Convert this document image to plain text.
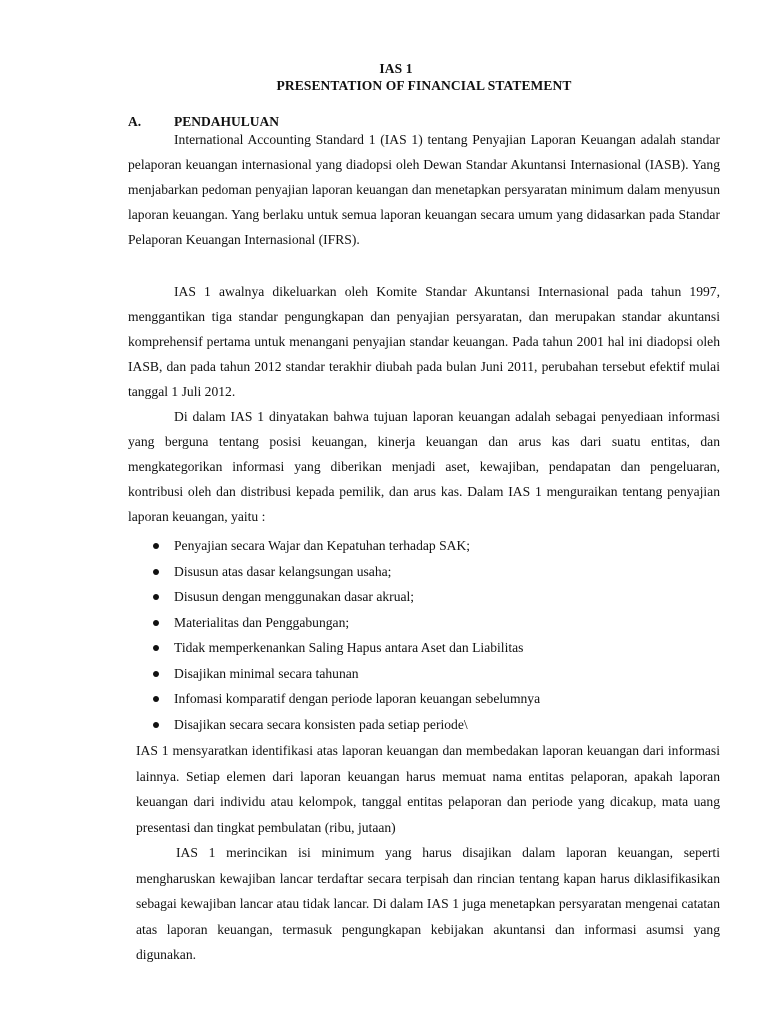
IAS 1
PRESENTATION OF FINANCIAL STATEMENT
A. PENDAHULUAN

International Accounting Standard 1 (IAS 1) tentang Penyajian Laporan Keuangan adalah standar pelaporan keuangan internasional yang diadopsi oleh Dewan Standar Akuntansi Internasional (IASB). Yang menjabarkan pedoman penyajian laporan keuangan dan menetapkan persyaratan minimum dalam menyusun laporan keuangan. Yang berlaku untuk semua laporan keuangan secara umum yang didasarkan pada Standar Pelaporan Keuangan Internasional (IFRS).

IAS 1 awalnya dikeluarkan oleh Komite Standar Akuntansi Internasional pada tahun 1997, menggantikan tiga standar pengungkapan dan penyajian persyaratan, dan merupakan standar akuntansi komprehensif pertama untuk menangani penyajian standar keuangan. Pada tahun 2001 hal ini diadopsi oleh IASB, dan pada tahun 2012 standar terakhir diubah pada bulan Juni 2011, perubahan tersebut efektif mulai tanggal 1 Juli 2012.

Di dalam IAS 1 dinyatakan bahwa tujuan laporan keuangan adalah sebagai penyediaan informasi yang berguna tentang posisi keuangan, kinerja keuangan dan arus kas dari suatu entitas, dan mengkategorikan informasi yang diberikan menjadi aset, kewajiban, pendapatan dan pengeluaran, kontribusi oleh dan distribusi kepada pemilik, dan arus kas. Dalam IAS 1 menguraikan tentang penyajian laporan keuangan, yaitu :

Penyajian secara Wajar dan Kepatuhan terhadap SAK;
Disusun atas dasar kelangsungan usaha;
Disusun dengan menggunakan dasar akrual;
Materialitas dan Penggabungan;
Tidak memperkenankan Saling Hapus antara Aset dan Liabilitas
Disajikan minimal secara tahunan
Infomasi komparatif dengan periode laporan keuangan sebelumnya
Disajikan secara secara konsisten pada setiap periode\

IAS 1 mensyaratkan identifikasi atas laporan keuangan dan membedakan laporan keuangan dari informasi lainnya. Setiap elemen dari laporan keuangan harus memuat nama entitas pelaporan, apakah laporan keuangan dari individu atau kelompok, tanggal entitas pelaporan dan periode yang dicakup, mata uang presentasi dan tingkat pembulatan (ribu, jutaan)

IAS 1 merincikan isi minimum yang harus disajikan dalam laporan keuangan, seperti mengharuskan kewajiban lancar terdaftar secara terpisah dan rincian tentang kapan harus diklasifikasikan sebagai kewajiban lancar atau tidak lancar. Di dalam IAS 1 juga menetapkan persyaratan mengenai catatan atas laporan keuangan, termasuk pengungkapan kebijakan akuntansi dan informasi asumsi yang digunakan.
